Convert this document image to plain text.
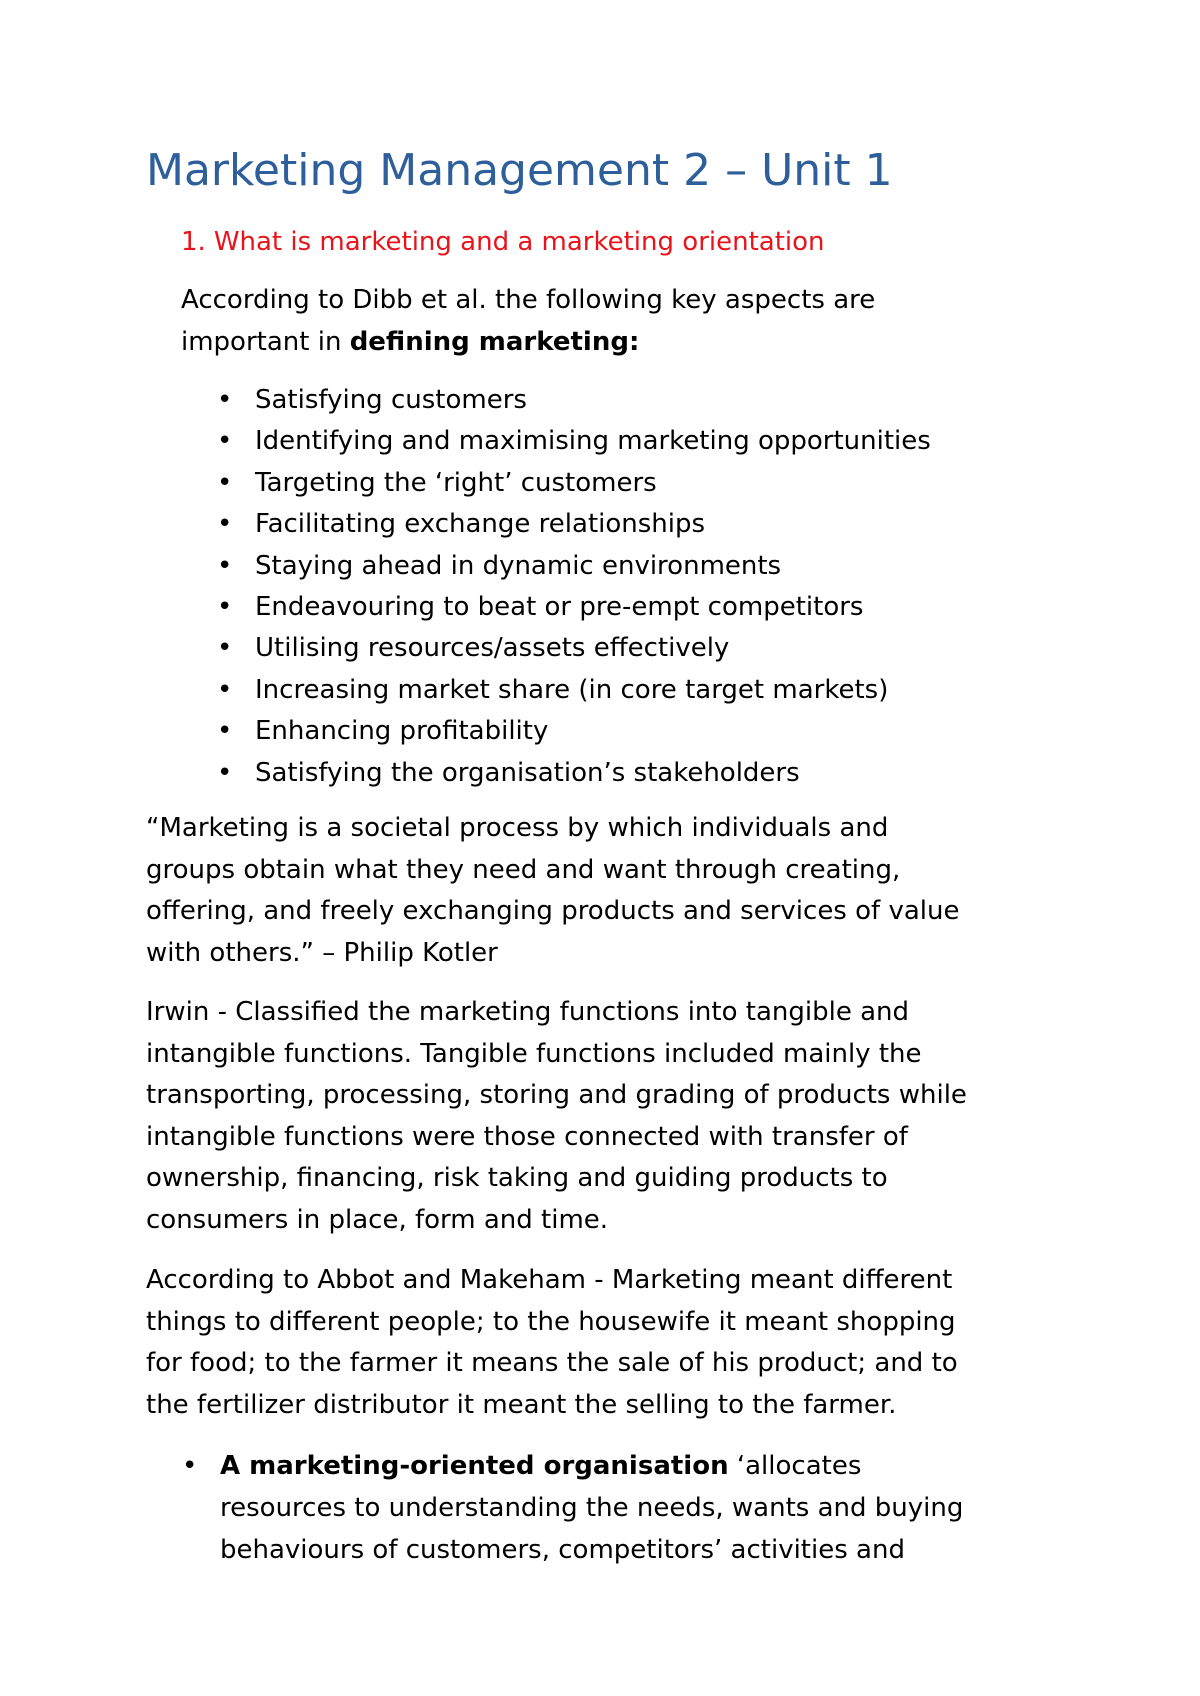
Marketing Management 2 – Unit 1
1. What is marketing and a marketing orientation

According to Dibb et al. the following key aspects are
important in defining marketing:

• Satisfying customers
• Identifying and maximising marketing opportunities
• Targeting the ‘right’ customers
• Facilitating exchange relationships
• Staying ahead in dynamic environments
• Endeavouring to beat or pre-empt competitors
• Utilising resources/assets effectively
• Increasing market share (in core target markets)
• Enhancing profitability
• Satisfying the organisation’s stakeholders

“Marketing is a societal process by which individuals and
groups obtain what they need and want through creating,
offering, and freely exchanging products and services of value
with others.” – Philip Kotler

Irwin - Classified the marketing functions into tangible and
intangible functions. Tangible functions included mainly the
transporting, processing, storing and grading of products while
intangible functions were those connected with transfer of
ownership, financing, risk taking and guiding products to
consumers in place, form and time.

According to Abbot and Makeham - Marketing meant different
things to different people; to the housewife it meant shopping
for food; to the farmer it means the sale of his product; and to
the fertilizer distributor it meant the selling to the farmer.

• A marketing-oriented organisation ‘allocates
resources to understanding the needs, wants and buying
behaviours of customers, competitors’ activities and
